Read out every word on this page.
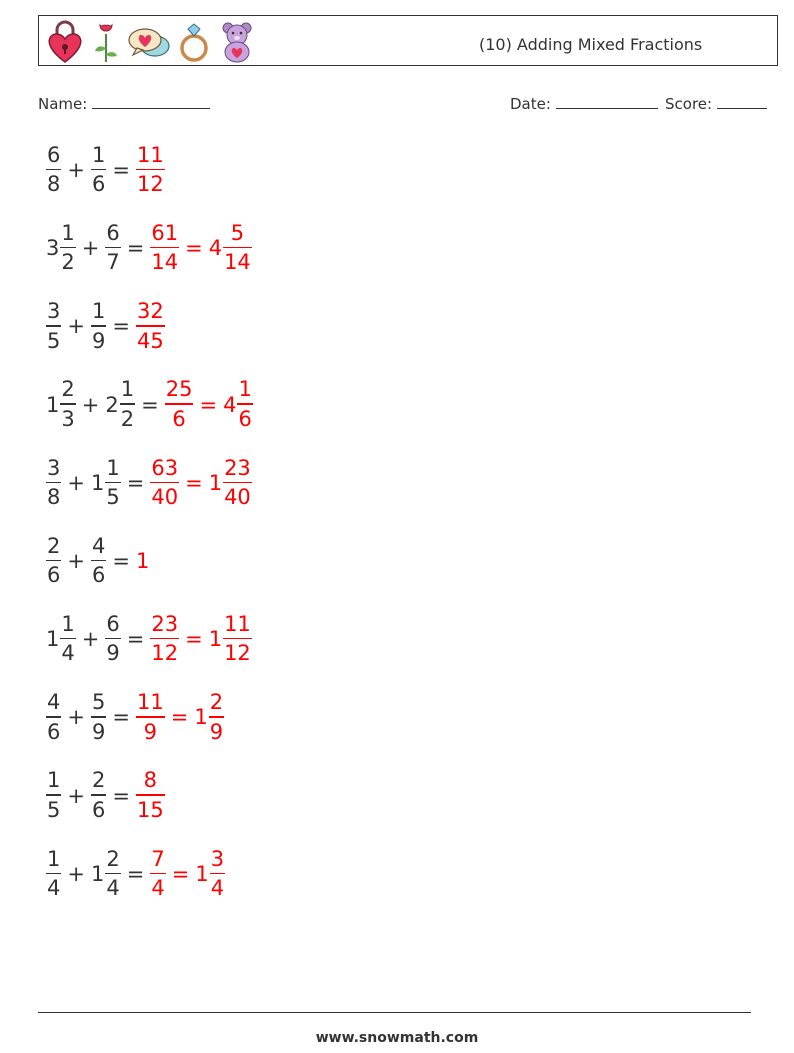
(10) Adding Mixed Fractions
Name:	Date:	Score:
$\frac{6}{8} + \frac{1}{6} = \frac{11}{12}$
$3 \frac{1}{2} + \frac{6}{7} = \frac{61}{14} = 4 \frac{5}{14}$
$\frac{3}{5} + \frac{1}{9} = \frac{32}{45}$
$1 \frac{2}{3} + 2 \frac{1}{2} = \frac{25}{6} = 4 \frac{1}{6}$
$\frac{3}{8} + 1 \frac{1}{5} = \frac{63}{40} = 1 \frac{23}{40}$
$\frac{2}{6} + \frac{4}{6} = 1$
$1 \frac{1}{4} + \frac{6}{9} = \frac{23}{12} = 1 \frac{11}{12}$
$\frac{4}{6} + \frac{5}{9} = \frac{11}{9} = 1 \frac{2}{9}$
$\frac{1}{5} + \frac{2}{6} = \frac{8}{15}$
$\frac{1}{4} + 1 \frac{2}{4} = \frac{7}{4} = 1 \frac{3}{4}$
www.snowmath.com
